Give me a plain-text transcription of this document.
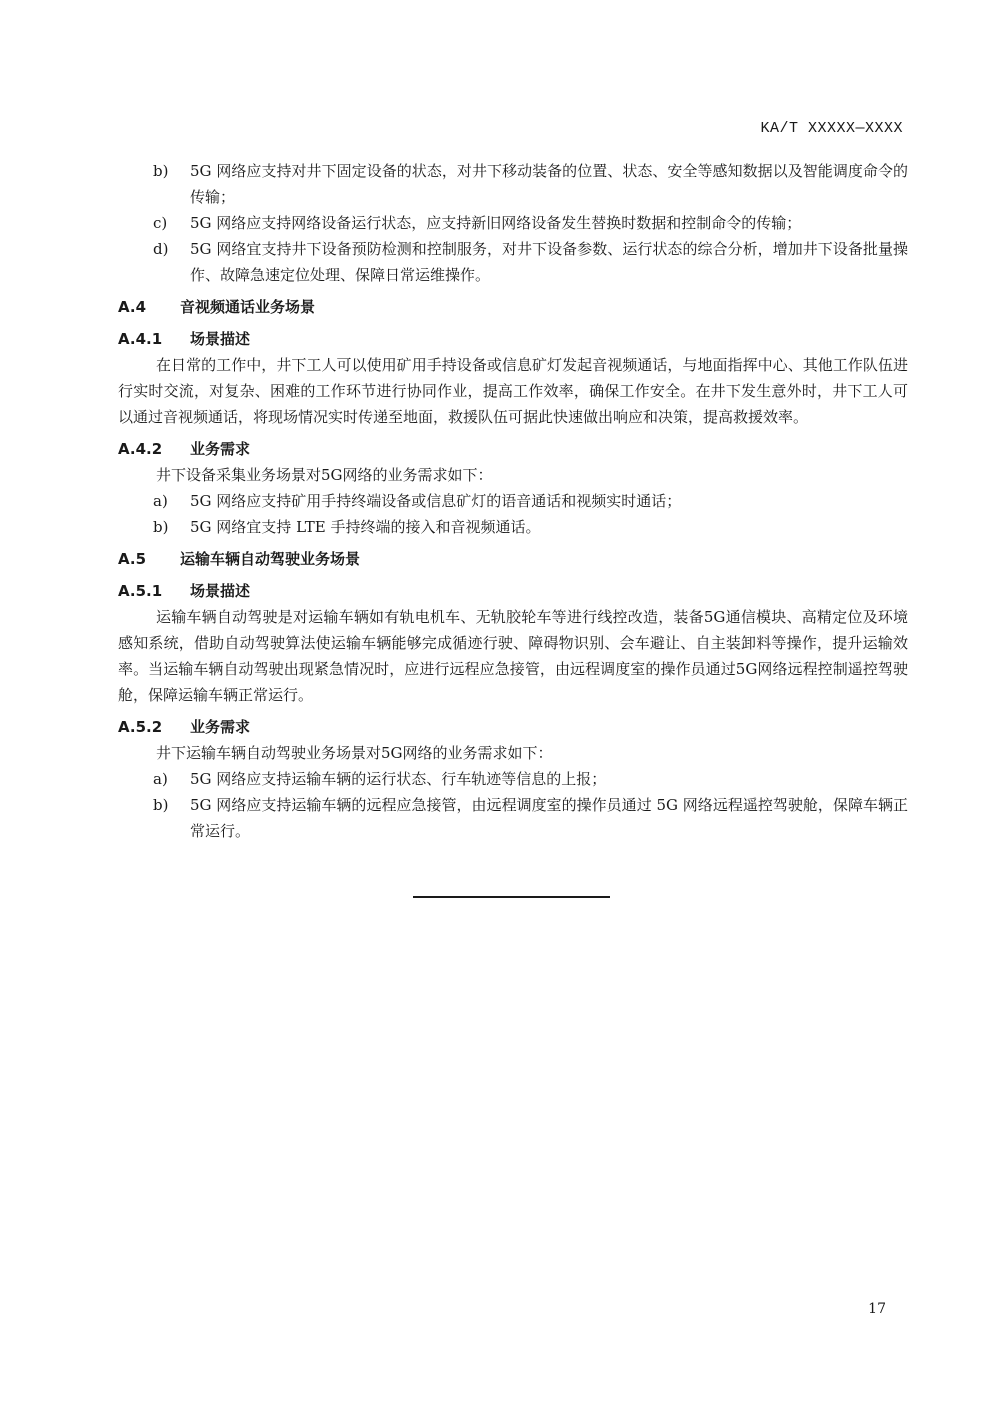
KA/T XXXXX—XXXX
b)	5G 网络应支持对井下固定设备的状态，对井下移动装备的位置、状态、安全等感知数据以及智能调度命令的传输；
c)	5G 网络应支持网络设备运行状态，应支持新旧网络设备发生替换时数据和控制命令的传输；
d)	5G 网络宜支持井下设备预防检测和控制服务，对井下设备参数、运行状态的综合分析，增加井下设备批量操作、故障急速定位处理、保障日常运维操作。
A.4	音视频通话业务场景
A.4.1	场景描述
在日常的工作中，井下工人可以使用矿用手持设备或信息矿灯发起音视频通话，与地面指挥中心、其他工作队伍进行实时交流，对复杂、困难的工作环节进行协同作业，提高工作效率，确保工作安全。在井下发生意外时，井下工人可以通过音视频通话，将现场情况实时传递至地面，救援队伍可据此快速做出响应和决策，提高救援效率。
A.4.2	业务需求
井下设备采集业务场景对5G网络的业务需求如下：
a)	5G 网络应支持矿用手持终端设备或信息矿灯的语音通话和视频实时通话；
b)	5G 网络宜支持 LTE 手持终端的接入和音视频通话。
A.5	运输车辆自动驾驶业务场景
A.5.1	场景描述
运输车辆自动驾驶是对运输车辆如有轨电机车、无轨胶轮车等进行线控改造，装备5G通信模块、高精定位及环境感知系统，借助自动驾驶算法使运输车辆能够完成循迹行驶、障碍物识别、会车避让、自主装卸料等操作，提升运输效率。当运输车辆自动驾驶出现紧急情况时，应进行远程应急接管，由远程调度室的操作员通过5G网络远程控制遥控驾驶舱，保障运输车辆正常运行。
A.5.2	业务需求
井下运输车辆自动驾驶业务场景对5G网络的业务需求如下：
a)	5G 网络应支持运输车辆的运行状态、行车轨迹等信息的上报；
b)	5G 网络应支持运输车辆的远程应急接管，由远程调度室的操作员通过 5G 网络远程遥控驾驶舱，保障车辆正常运行。
17
